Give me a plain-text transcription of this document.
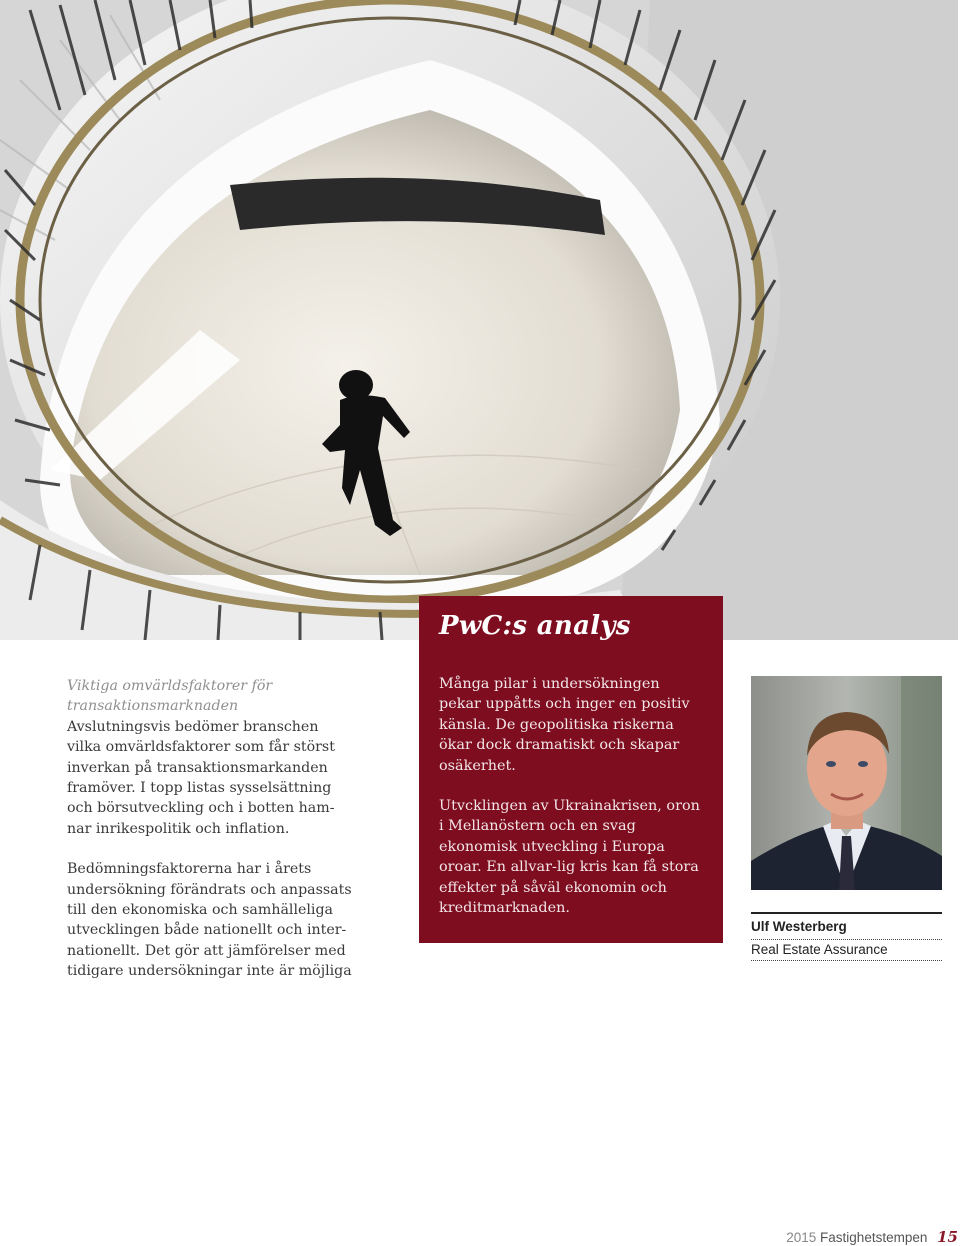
Viktiga omvärldsfaktorer för transaktionsmarknaden

Avslutningsvis bedömer branschen vilka omvärldsfaktorer som får störst inverkan på transaktionsmarkanden framöver. I topp listas sysselsättning och börsutveckling och i botten ham-nar inrikespolitik och inflation.

Bedömningsfaktorerna har i årets undersökning förändrats och anpassats till den ekonomiska och samhälleliga utvecklingen både nationellt och inter-nationellt. Det gör att jämförelser med tidigare undersökningar inte är möjliga

PwC:s analys

Många pilar i undersökningen pekar uppåtts och inger en positiv känsla. De geopolitiska riskerna ökar dock dramatiskt och skapar osäkerhet.

Utvcklingen av Ukrainakrisen, oron i Mellanöstern och en svag ekonomisk utveckling i Europa oroar. En allvar-lig kris kan få stora effekter på såväl ekonomin och kreditmarknaden.

Ulf Westerberg
Real Estate Assurance
2015 Fastighetstempen 15
